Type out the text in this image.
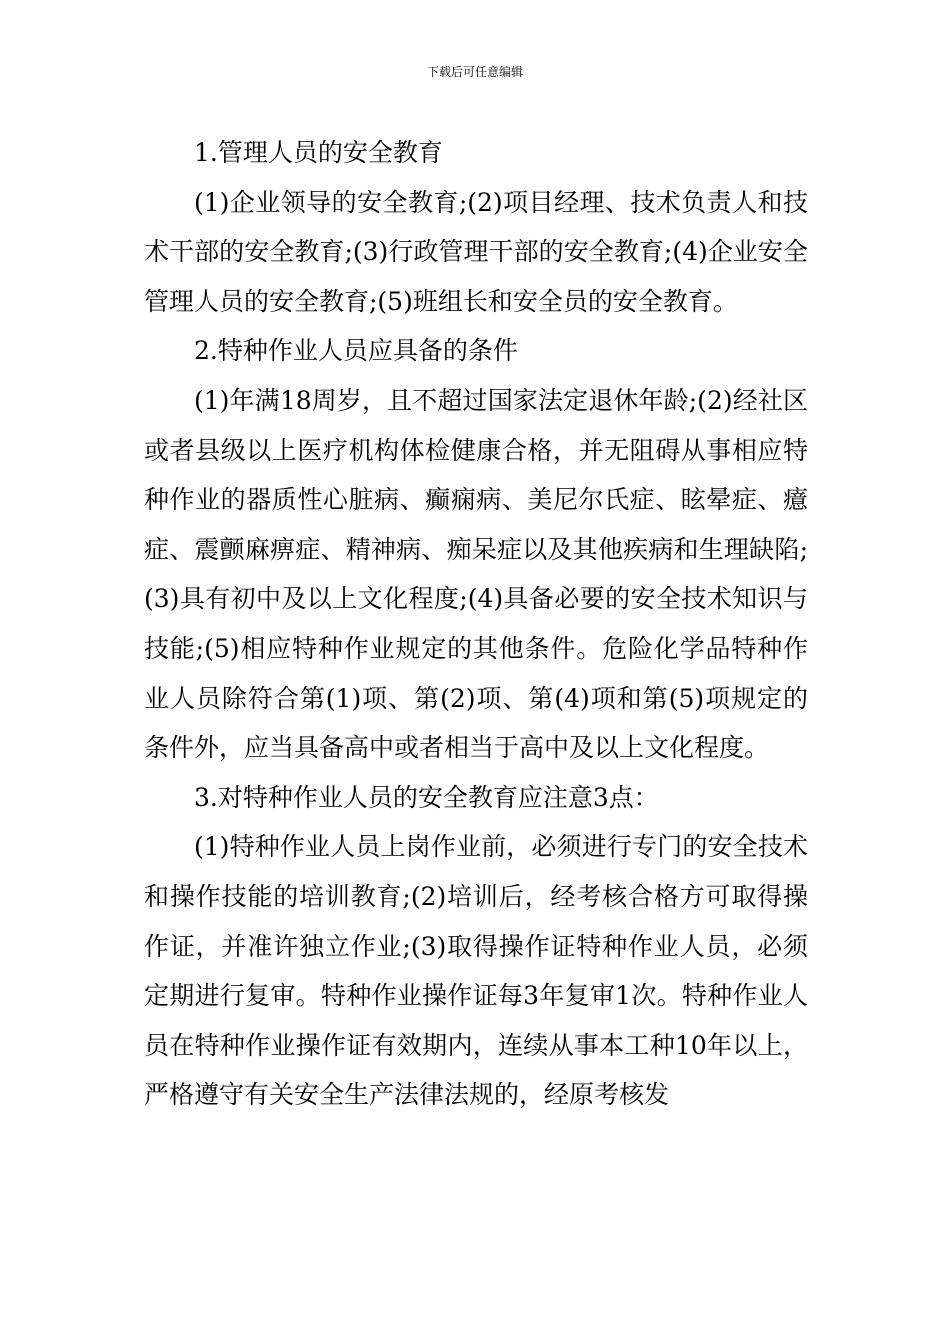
下载后可任意编辑

1.管理人员的安全教育

(1)企业领导的安全教育;(2)项目经理、技术负责人和技术干部的安全教育;(3)行政管理干部的安全教育;(4)企业安全管理人员的安全教育;(5)班组长和安全员的安全教育。

2.特种作业人员应具备的条件

(1)年满18周岁，且不超过国家法定退休年龄;(2)经社区或者县级以上医疗机构体检健康合格，并无阻碍从事相应特种作业的器质性心脏病、癫痫病、美尼尔氏症、眩晕症、癔症、震颤麻痹症、精神病、痴呆症以及其他疾病和生理缺陷;(3)具有初中及以上文化程度;(4)具备必要的安全技术知识与技能;(5)相应特种作业规定的其他条件。危险化学品特种作业人员除符合第(1)项、第(2)项、第(4)项和第(5)项规定的条件外，应当具备高中或者相当于高中及以上文化程度。

3.对特种作业人员的安全教育应注意3点：

(1)特种作业人员上岗作业前，必须进行专门的安全技术和操作技能的培训教育;(2)培训后，经考核合格方可取得操作证，并准许独立作业;(3)取得操作证特种作业人员，必须定期进行复审。特种作业操作证每3年复审1次。特种作业人员在特种作业操作证有效期内，连续从事本工种10年以上，严格遵守有关安全生产法律法规的，经原考核发
